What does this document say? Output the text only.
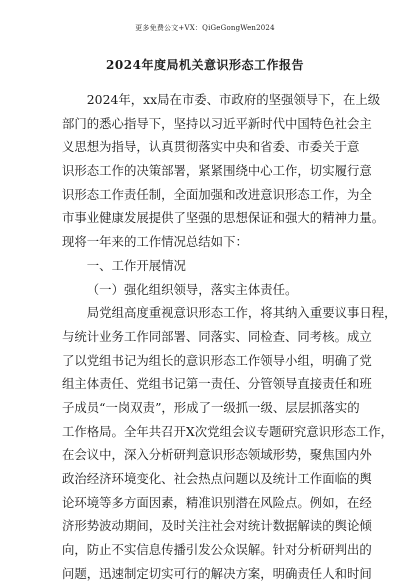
更多免费公文+VX：QiGeGongWen2024
2024年度局机关意识形态工作报告
2024年，xx局在市委、市政府的坚强领导下，在上级
部门的悉心指导下，坚持以习近平新时代中国特色社会主
义思想为指导，认真贯彻落实中央和省委、市委关于意
识形态工作的决策部署，紧紧围绕中心工作，切实履行意
识形态工作责任制，全面加强和改进意识形态工作，为全
市事业健康发展提供了坚强的思想保证和强大的精神力量。
现将一年来的工作情况总结如下：
一、工作开展情况
（一）强化组织领导，落实主体责任。
局党组高度重视意识形态工作，将其纳入重要议事日程，
与统计业务工作同部署、同落实、同检查、同考核。成立
了以党组书记为组长的意识形态工作领导小组，明确了党
组主体责任、党组书记第一责任、分管领导直接责任和班
子成员“一岗双责”，形成了一级抓一级、层层抓落实的
工作格局。全年共召开X次党组会议专题研究意识形态工作，
在会议中，深入分析研判意识形态领域形势，聚焦国内外
政治经济环境变化、社会热点问题以及统计工作面临的舆
论环境等多方面因素，精准识别潜在风险点。例如，在经
济形势波动期间，及时关注社会对统计数据解读的舆论倾
向，防止不实信息传播引发公众误解。针对分析研判出的
问题，迅速制定切实可行的解决方案，明确责任人和时间
